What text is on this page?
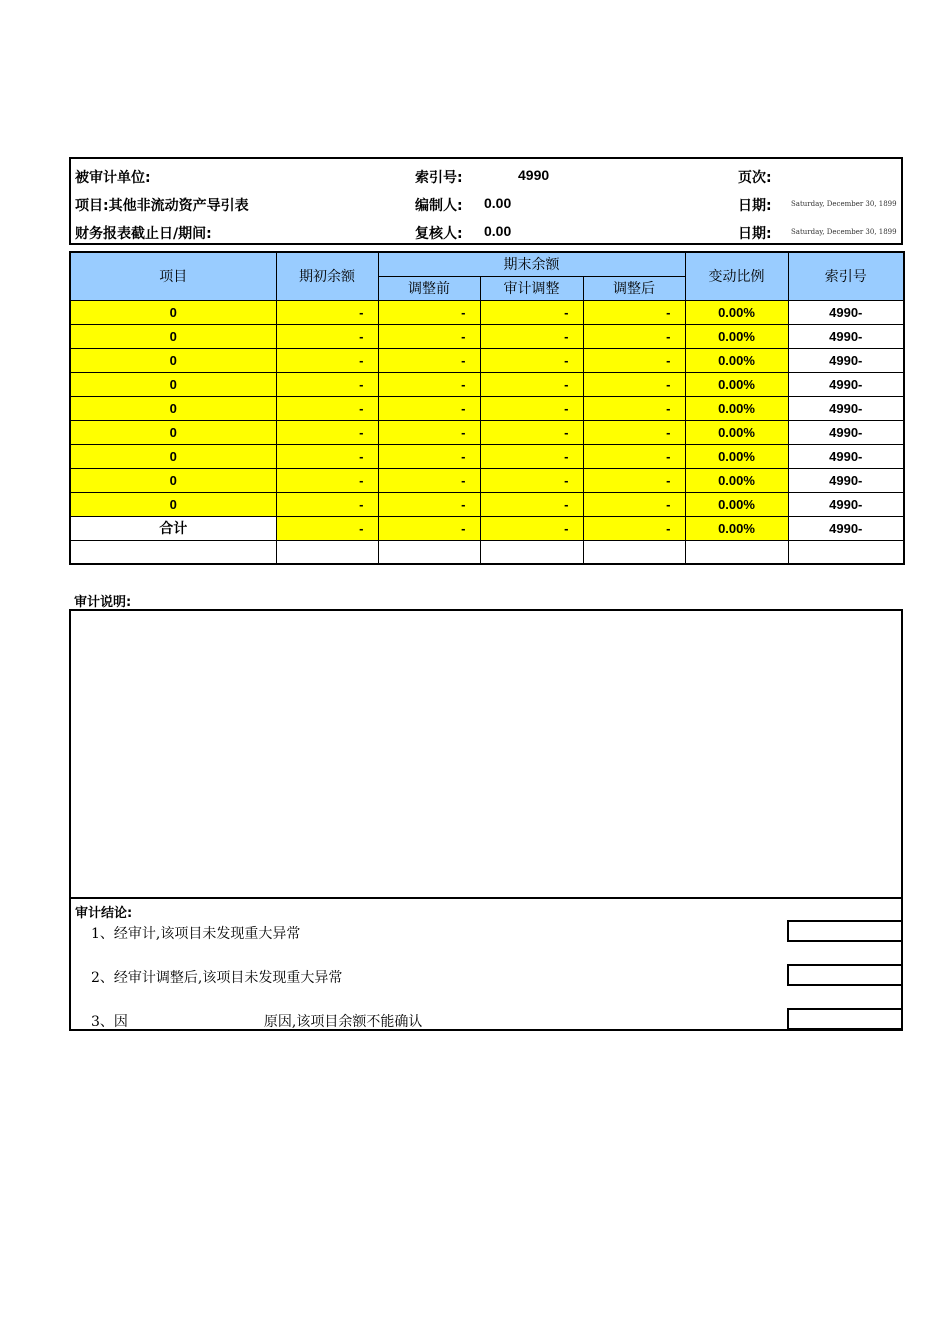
被审计单位:	索引号:	4990	页次:
项目:其他非流动资产导引表	编制人: 0.00	日期:	Saturday, December 30, 1899
财务报表截止日/期间:	复核人: 0.00	日期:	Saturday, December 30, 1899
项目	期初余额	期末余额			变动比例	索引号
		调整前	审计调整	调整后		
0	-	-	-	-	0.00%	4990-
0	-	-	-	-	0.00%	4990-
0	-	-	-	-	0.00%	4990-
0	-	-	-	-	0.00%	4990-
0	-	-	-	-	0.00%	4990-
0	-	-	-	-	0.00%	4990-
0	-	-	-	-	0.00%	4990-
0	-	-	-	-	0.00%	4990-
0	-	-	-	-	0.00%	4990-
合计	-	-	-	-	0.00%	4990-

审计说明:
审计结论:
1、经审计,该项目未发现重大异常
2、经审计调整后,该项目未发现重大异常
3、因	原因,该项目余额不能确认
